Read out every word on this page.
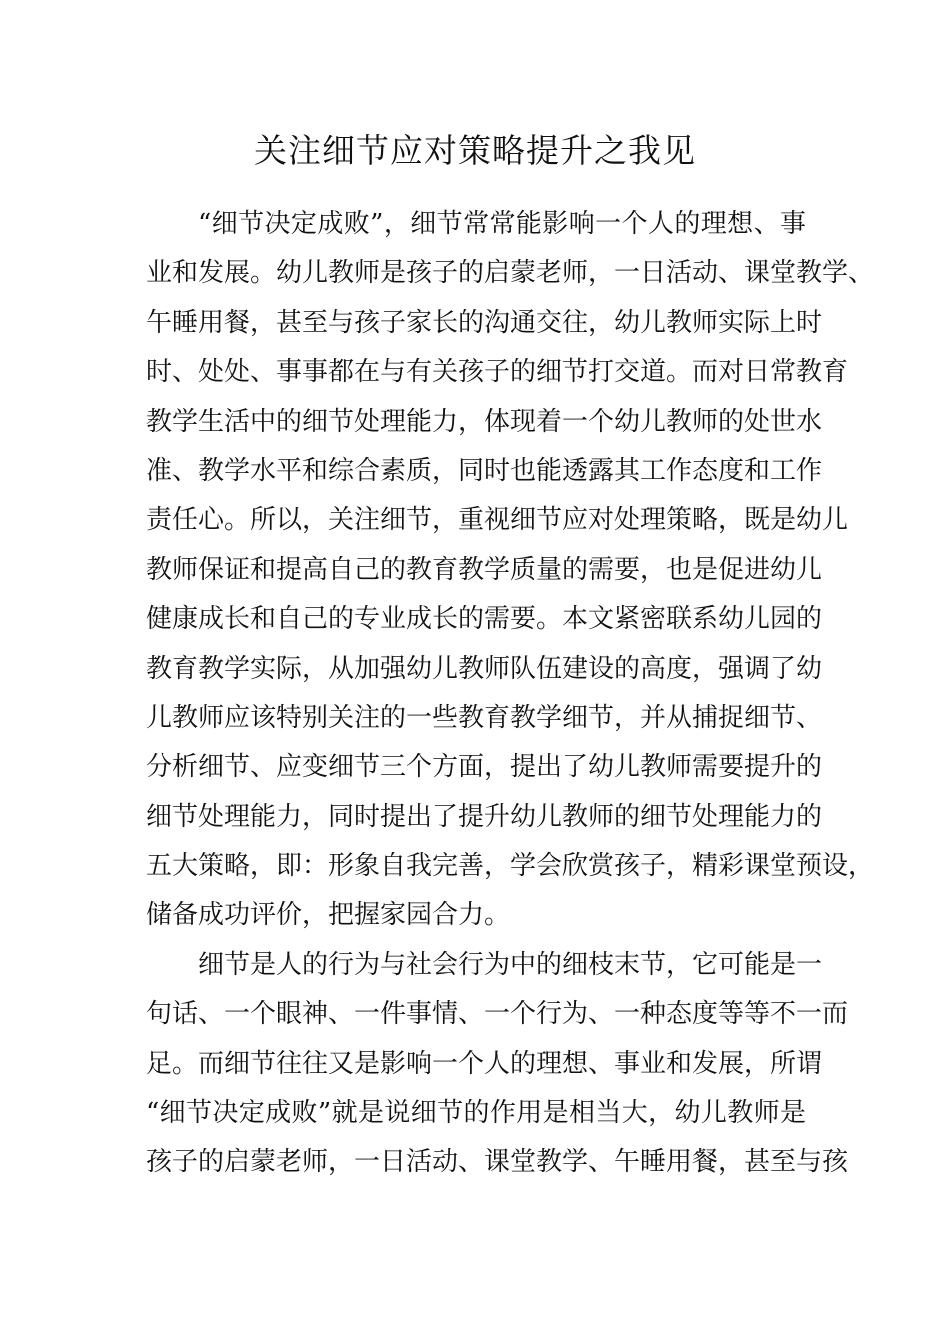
关注细节应对策略提升之我见

“细节决定成败”，细节常常能影响一个人的理想、事
业和发展。幼儿教师是孩子的启蒙老师，一日活动、课堂教学、
午睡用餐，甚至与孩子家长的沟通交往，幼儿教师实际上时
时、处处、事事都在与有关孩子的细节打交道。而对日常教育
教学生活中的细节处理能力，体现着一个幼儿教师的处世水
准、教学水平和综合素质，同时也能透露其工作态度和工作
责任心。所以，关注细节，重视细节应对处理策略，既是幼儿
教师保证和提高自己的教育教学质量的需要，也是促进幼儿
健康成长和自己的专业成长的需要。本文紧密联系幼儿园的
教育教学实际，从加强幼儿教师队伍建设的高度，强调了幼
儿教师应该特别关注的一些教育教学细节，并从捕捉细节、
分析细节、应变细节三个方面，提出了幼儿教师需要提升的
细节处理能力，同时提出了提升幼儿教师的细节处理能力的
五大策略，即：形象自我完善，学会欣赏孩子，精彩课堂预设，
储备成功评价，把握家园合力。

细节是人的行为与社会行为中的细枝末节，它可能是一
句话、一个眼神、一件事情、一个行为、一种态度等等不一而
足。而细节往往又是影响一个人的理想、事业和发展，所谓
“细节决定成败”就是说细节的作用是相当大，幼儿教师是
孩子的启蒙老师，一日活动、课堂教学、午睡用餐，甚至与孩
